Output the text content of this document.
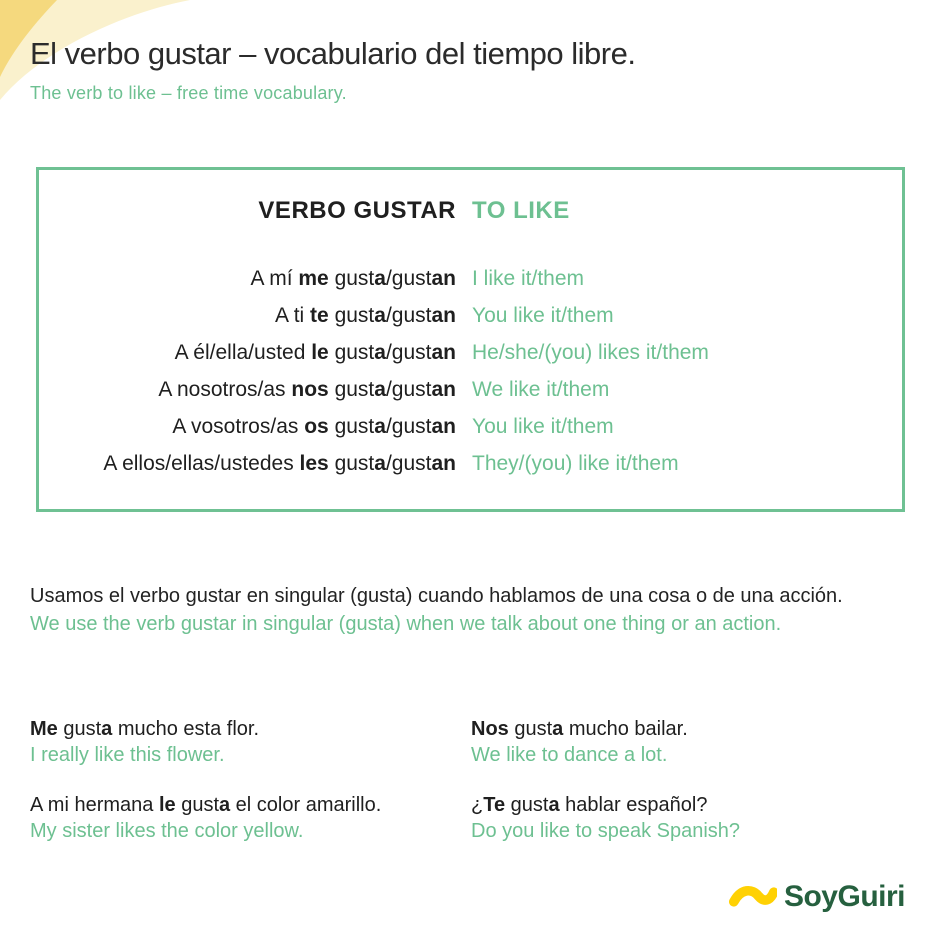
El verbo gustar – vocabulario del tiempo libre.
The verb to like – free time vocabulary.
VERBO GUSTAR TO LIKE
A mí me gusta/gustan I like it/them
A ti te gusta/gustan You like it/them
A él/ella/usted le gusta/gustan He/she/(you) likes it/them
A nosotros/as nos gusta/gustan We like it/them
A vosotros/as os gusta/gustan You like it/them
A ellos/ellas/ustedes les gusta/gustan They/(you) like it/them

Usamos el verbo gustar en singular (gusta) cuando hablamos de una cosa o de una acción.

We use the verb gustar in singular (gusta) when we talk about one thing or an action.

Me gusta mucho esta flor.
I really like this flower.
Nos gusta mucho bailar.
We like to dance a lot.
A mi hermana le gusta el color amarillo.
My sister likes the color yellow.
¿Te gusta hablar español?
Do you like to speak Spanish?
SoyGuiri
